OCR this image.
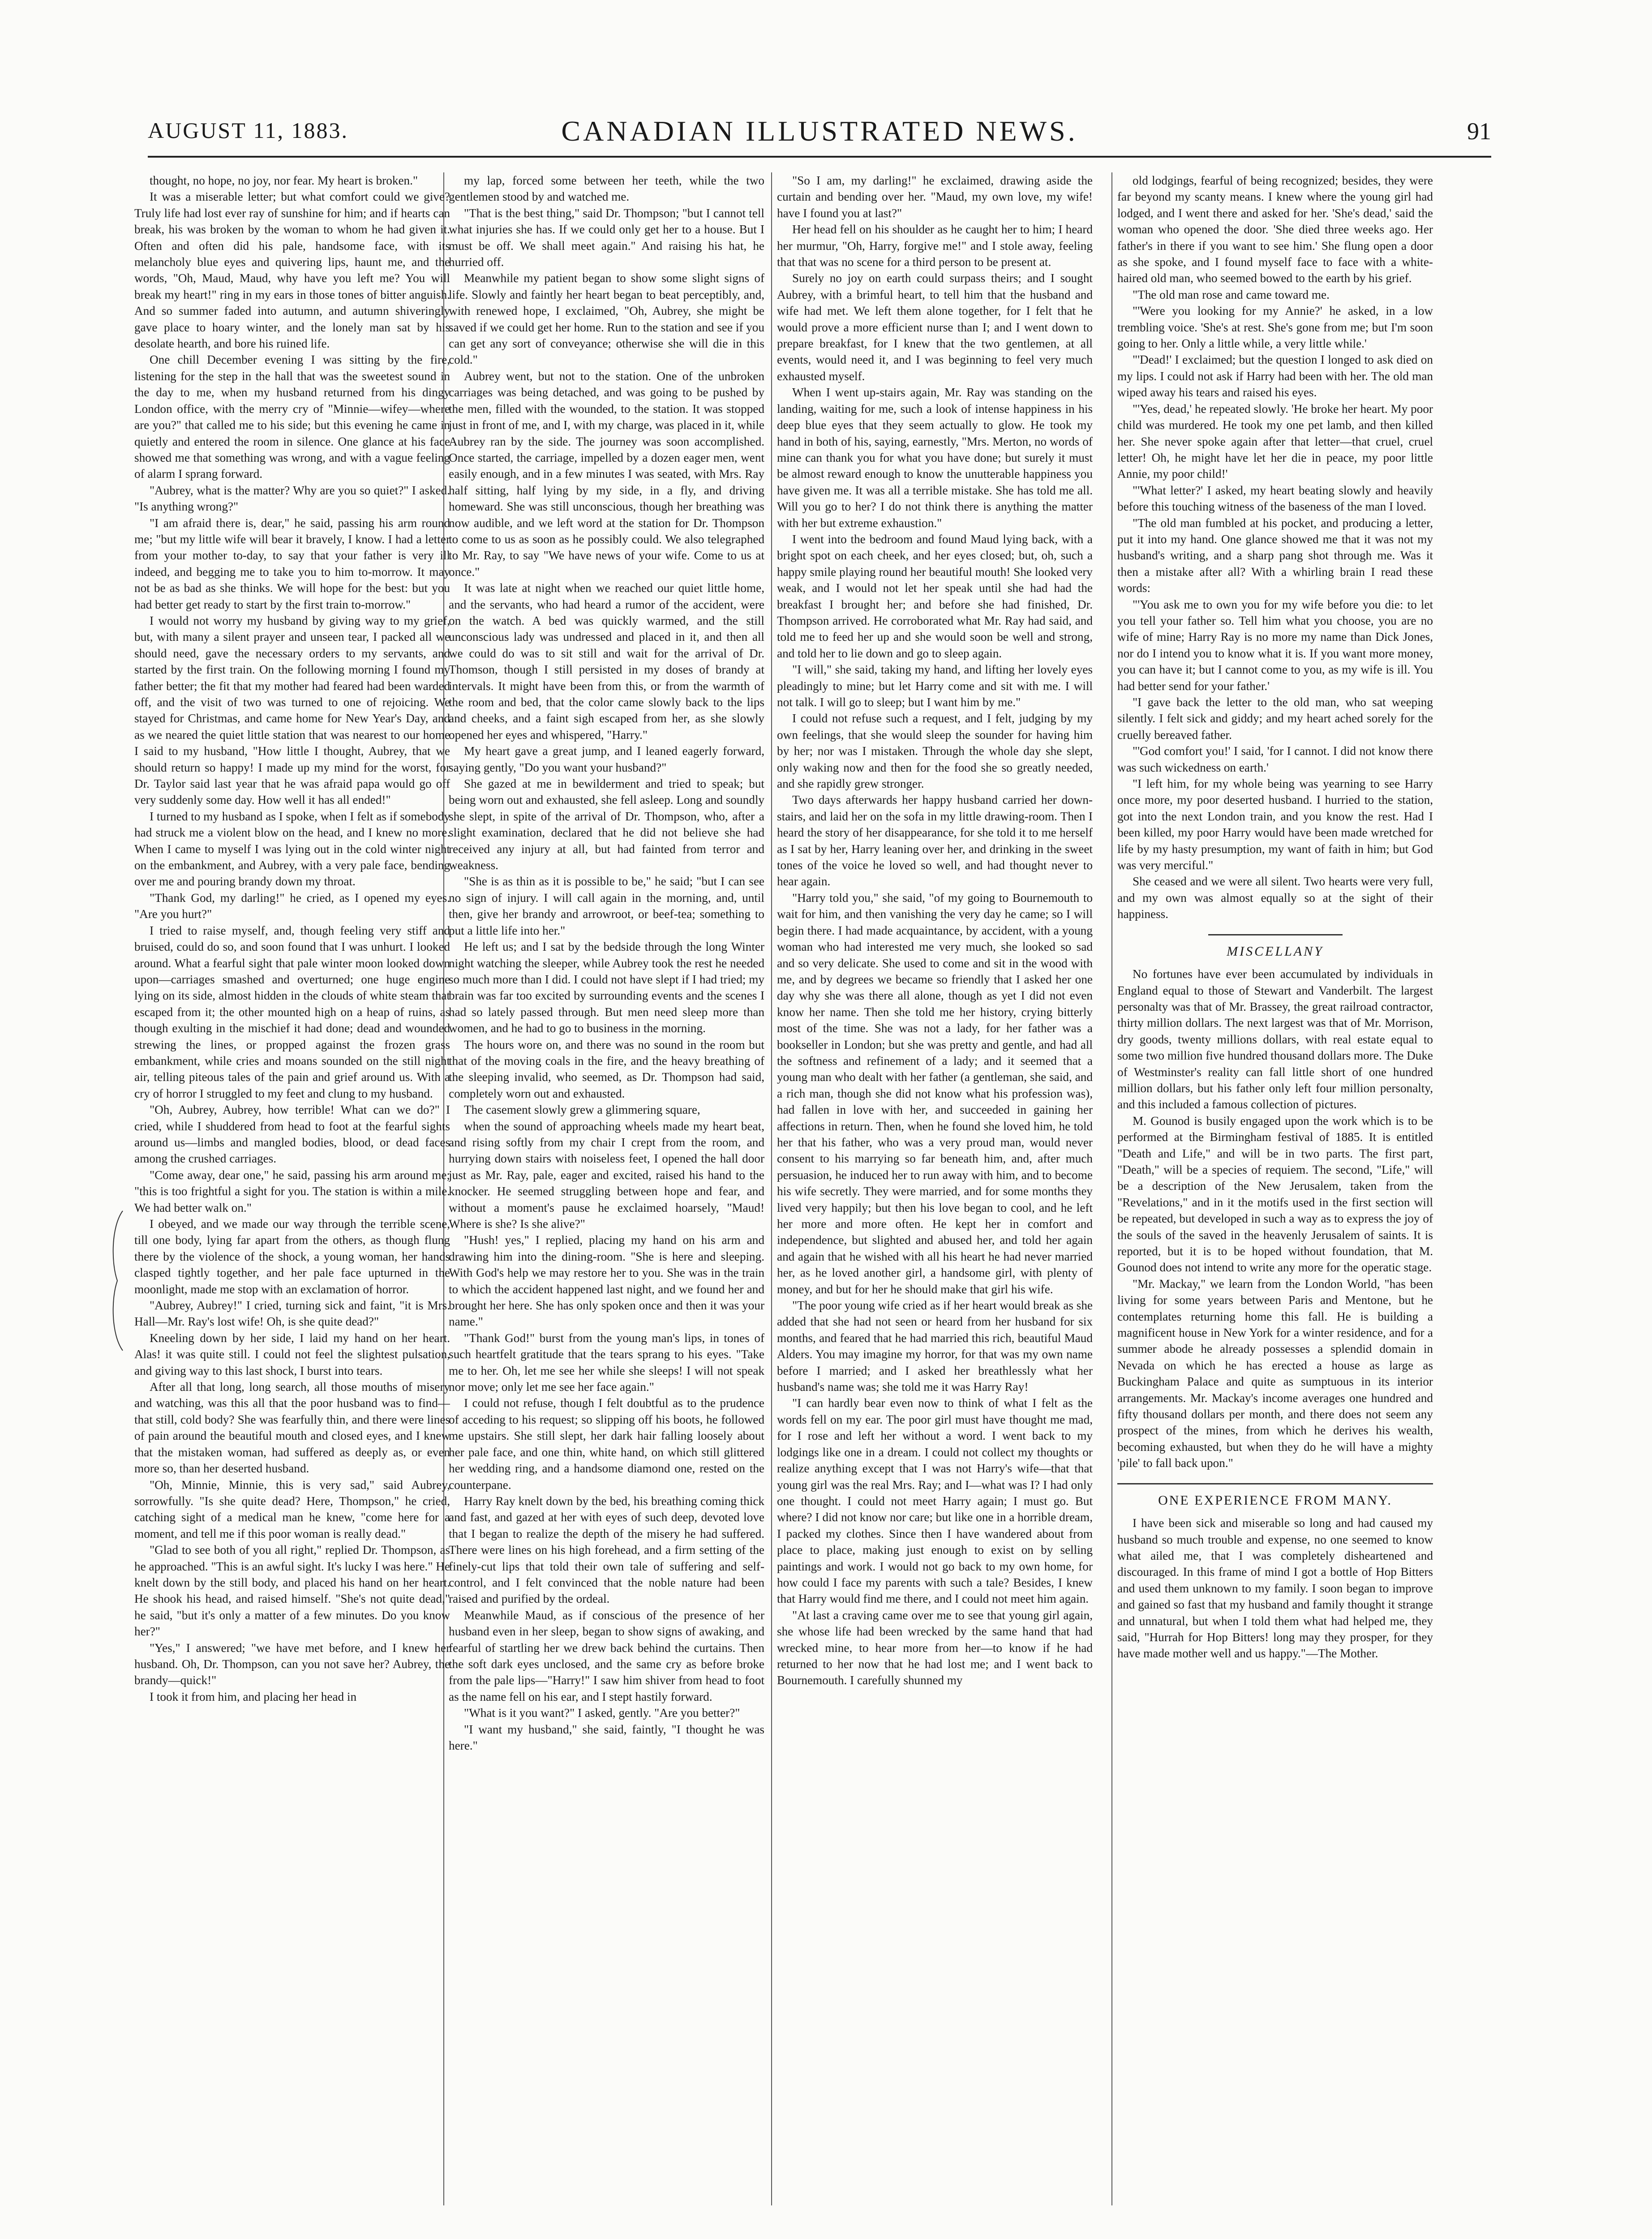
AUGUST 11, 1883.	CANADIAN ILLUSTRATED NEWS.	91

thought, no hope, no joy, nor fear. My heart is broken."

It was a miserable letter; but what comfort could we give? Truly life had lost ever ray of sunshine for him; and if hearts can break, his was broken by the woman to whom he had given it. Often and often did his pale, handsome face, with its melancholy blue eyes and quivering lips, haunt me, and the words, "Oh, Maud, Maud, why have you left me? You will break my heart!" ring in my ears in those tones of bitter anguish. And so summer faded into autumn, and autumn shiveringly gave place to hoary winter, and the lonely man sat by his desolate hearth, and bore his ruined life.

One chill December evening I was sitting by the fire, listening for the step in the hall that was the sweetest sound in the day to me, when my husband returned from his dingy London office, with the merry cry of "Minnie—wifey—where are you?" that called me to his side; but this evening he came in quietly and entered the room in silence. One glance at his face showed me that something was wrong, and with a vague feeling of alarm I sprang forward.

"Aubrey, what is the matter? Why are you so quiet?" I asked. "Is anything wrong?"

"I am afraid there is, dear," he said, passing his arm round me; "but my little wife will bear it bravely, I know. I had a letter from your mother to-day, to say that your father is very ill indeed, and begging me to take you to him to-morrow. It may not be as bad as she thinks. We will hope for the best: but you had better get ready to start by the first train to-morrow."

I would not worry my husband by giving way to my grief, but, with many a silent prayer and unseen tear, I packed all we should need, gave the necessary orders to my servants, and started by the first train. On the following morning I found my father better; the fit that my mother had feared had been warded off, and the visit of two was turned to one of rejoicing. We stayed for Christmas, and came home for New Year's Day, and as we neared the quiet little station that was nearest to our home I said to my husband, "How little I thought, Aubrey, that we should return so happy! I made up my mind for the worst, for Dr. Taylor said last year that he was afraid papa would go off very suddenly some day. How well it has all ended!"

I turned to my husband as I spoke, when I felt as if somebody had struck me a violent blow on the head, and I knew no more. When I came to myself I was lying out in the cold winter night on the embankment, and Aubrey, with a very pale face, bending over me and pouring brandy down my throat.

"Thank God, my darling!" he cried, as I opened my eyes. "Are you hurt?"

I tried to raise myself, and, though feeling very stiff and bruised, could do so, and soon found that I was unhurt. I looked around. What a fearful sight that pale winter moon looked down upon—carriages smashed and overturned; one huge engine lying on its side, almost hidden in the clouds of white steam that escaped from it; the other mounted high on a heap of ruins, as though exulting in the mischief it had done; dead and wounded strewing the lines, or propped against the frozen grass embankment, while cries and moans sounded on the still night air, telling piteous tales of the pain and grief around us. With a cry of horror I struggled to my feet and clung to my husband.

"Oh, Aubrey, Aubrey, how terrible! What can we do?" I cried, while I shuddered from head to foot at the fearful sights around us—limbs and mangled bodies, blood, or dead faces among the crushed carriages.

"Come away, dear one," he said, passing his arm around me; "this is too frightful a sight for you. The station is within a mile. We had better walk on."

I obeyed, and we made our way through the terrible scene, till one body, lying far apart from the others, as though flung there by the violence of the shock, a young woman, her hands clasped tightly together, and her pale face upturned in the moonlight, made me stop with an exclamation of horror.

"Aubrey, Aubrey!" I cried, turning sick and faint, "it is Mrs. Hall—Mr. Ray's lost wife! Oh, is she quite dead?"

Kneeling down by her side, I laid my hand on her heart. Alas! it was quite still. I could not feel the slightest pulsation, and giving way to this last shock, I burst into tears.

After all that long, long search, all those mouths of misery and watching, was this all that the poor husband was to find—that still, cold body? She was fearfully thin, and there were lines of pain around the beautiful mouth and closed eyes, and I knew that the mistaken woman, had suffered as deeply as, or even more so, than her deserted husband.

"Oh, Minnie, Minnie, this is very sad," said Aubrey, sorrowfully. "Is she quite dead? Here, Thompson," he cried, catching sight of a medical man he knew, "come here for a moment, and tell me if this poor woman is really dead."

"Glad to see both of you all right," replied Dr. Thompson, as he approached. "This is an awful sight. It's lucky I was here." He knelt down by the still body, and placed his hand on her heart. He shook his head, and raised himself. "She's not quite dead," he said, "but it's only a matter of a few minutes. Do you know her?"

"Yes," I answered; "we have met before, and I knew her husband. Oh, Dr. Thompson, can you not save her? Aubrey, the brandy—quick!"

I took it from him, and placing her head in

my lap, forced some between her teeth, while the two gentlemen stood by and watched me.

"That is the best thing," said Dr. Thompson; "but I cannot tell what injuries she has. If we could only get her to a house. But I must be off. We shall meet again." And raising his hat, he hurried off.

Meanwhile my patient began to show some slight signs of life. Slowly and faintly her heart began to beat perceptibly, and, with renewed hope, I exclaimed, "Oh, Aubrey, she might be saved if we could get her home. Run to the station and see if you can get any sort of conveyance; otherwise she will die in this cold."

Aubrey went, but not to the station. One of the unbroken carriages was being detached, and was going to be pushed by the men, filled with the wounded, to the station. It was stopped just in front of me, and I, with my charge, was placed in it, while Aubrey ran by the side. The journey was soon accomplished. Once started, the carriage, impelled by a dozen eager men, went easily enough, and in a few minutes I was seated, with Mrs. Ray half sitting, half lying by my side, in a fly, and driving homeward. She was still unconscious, though her breathing was now audible, and we left word at the station for Dr. Thompson to come to us as soon as he possibly could. We also telegraphed to Mr. Ray, to say "We have news of your wife. Come to us at once."

It was late at night when we reached our quiet little home, and the servants, who had heard a rumor of the accident, were on the watch. A bed was quickly warmed, and the still unconscious lady was undressed and placed in it, and then all we could do was to sit still and wait for the arrival of Dr. Thomson, though I still persisted in my doses of brandy at intervals. It might have been from this, or from the warmth of the room and bed, that the color came slowly back to the lips and cheeks, and a faint sigh escaped from her, as she slowly opened her eyes and whispered, "Harry."

My heart gave a great jump, and I leaned eagerly forward, saying gently, "Do you want your husband?"

She gazed at me in bewilderment and tried to speak; but being worn out and exhausted, she fell asleep. Long and soundly she slept, in spite of the arrival of Dr. Thompson, who, after a slight examination, declared that he did not believe she had received any injury at all, but had fainted from terror and weakness.

"She is as thin as it is possible to be," he said; "but I can see no sign of injury. I will call again in the morning, and, until then, give her brandy and arrowroot, or beef-tea; something to put a little life into her."

He left us; and I sat by the bedside through the long Winter night watching the sleeper, while Aubrey took the rest he needed so much more than I did. I could not have slept if I had tried; my brain was far too excited by surrounding events and the scenes I had so lately passed through. But men need sleep more than women, and he had to go to business in the morning.

The hours wore on, and there was no sound in the room but that of the moving coals in the fire, and the heavy breathing of the sleeping invalid, who seemed, as Dr. Thompson had said, completely worn out and exhausted.

The casement slowly grew a glimmering square,

when the sound of approaching wheels made my heart beat, and rising softly from my chair I crept from the room, and hurrying down stairs with noiseless feet, I opened the hall door just as Mr. Ray, pale, eager and excited, raised his hand to the knocker. He seemed struggling between hope and fear, and without a moment's pause he exclaimed hoarsely, "Maud! Where is she? Is she alive?"

"Hush! yes," I replied, placing my hand on his arm and drawing him into the dining-room. "She is here and sleeping. With God's help we may restore her to you. She was in the train to which the accident happened last night, and we found her and brought her here. She has only spoken once and then it was your name."

"Thank God!" burst from the young man's lips, in tones of such heartfelt gratitude that the tears sprang to his eyes. "Take me to her. Oh, let me see her while she sleeps! I will not speak nor move; only let me see her face again."

I could not refuse, though I felt doubtful as to the prudence of acceding to his request; so slipping off his boots, he followed me upstairs. She still slept, her dark hair falling loosely about her pale face, and one thin, white hand, on which still glittered her wedding ring, and a handsome diamond one, rested on the counterpane.

Harry Ray knelt down by the bed, his breathing coming thick and fast, and gazed at her with eyes of such deep, devoted love that I began to realize the depth of the misery he had suffered. There were lines on his high forehead, and a firm setting of the finely-cut lips that told their own tale of suffering and self-control, and I felt convinced that the noble nature had been raised and purified by the ordeal.

Meanwhile Maud, as if conscious of the presence of her husband even in her sleep, began to show signs of awaking, and fearful of startling her we drew back behind the curtains. Then the soft dark eyes unclosed, and the same cry as before broke from the pale lips—"Harry!" I saw him shiver from head to foot as the name fell on his ear, and I stept hastily forward.

"What is it you want?" I asked, gently. "Are you better?"

"I want my husband," she said, faintly, "I thought he was here."

"So I am, my darling!" he exclaimed, drawing aside the curtain and bending over her. "Maud, my own love, my wife! have I found you at last?"

Her head fell on his shoulder as he caught her to him; I heard her murmur, "Oh, Harry, forgive me!" and I stole away, feeling that that was no scene for a third person to be present at.

Surely no joy on earth could surpass theirs; and I sought Aubrey, with a brimful heart, to tell him that the husband and wife had met. We left them alone together, for I felt that he would prove a more efficient nurse than I; and I went down to prepare breakfast, for I knew that the two gentlemen, at all events, would need it, and I was beginning to feel very much exhausted myself.

When I went up-stairs again, Mr. Ray was standing on the landing, waiting for me, such a look of intense happiness in his deep blue eyes that they seem actually to glow. He took my hand in both of his, saying, earnestly, "Mrs. Merton, no words of mine can thank you for what you have done; but surely it must be almost reward enough to know the unutterable happiness you have given me. It was all a terrible mistake. She has told me all. Will you go to her? I do not think there is anything the matter with her but extreme exhaustion."

I went into the bedroom and found Maud lying back, with a bright spot on each cheek, and her eyes closed; but, oh, such a happy smile playing round her beautiful mouth! She looked very weak, and I would not let her speak until she had had the breakfast I brought her; and before she had finished, Dr. Thompson arrived. He corroborated what Mr. Ray had said, and told me to feed her up and she would soon be well and strong, and told her to lie down and go to sleep again.

"I will," she said, taking my hand, and lifting her lovely eyes pleadingly to mine; but let Harry come and sit with me. I will not talk. I will go to sleep; but I want him by me."

I could not refuse such a request, and I felt, judging by my own feelings, that she would sleep the sounder for having him by her; nor was I mistaken. Through the whole day she slept, only waking now and then for the food she so greatly needed, and she rapidly grew stronger.

Two days afterwards her happy husband carried her down-stairs, and laid her on the sofa in my little drawing-room. Then I heard the story of her disappearance, for she told it to me herself as I sat by her, Harry leaning over her, and drinking in the sweet tones of the voice he loved so well, and had thought never to hear again.

"Harry told you," she said, "of my going to Bournemouth to wait for him, and then vanishing the very day he came; so I will begin there. I had made acquaintance, by accident, with a young woman who had interested me very much, she looked so sad and so very delicate. She used to come and sit in the wood with me, and by degrees we became so friendly that I asked her one day why she was there all alone, though as yet I did not even know her name. Then she told me her history, crying bitterly most of the time. She was not a lady, for her father was a bookseller in London; but she was pretty and gentle, and had all the softness and refinement of a lady; and it seemed that a young man who dealt with her father (a gentleman, she said, and a rich man, though she did not know what his profession was), had fallen in love with her, and succeeded in gaining her affections in return. Then, when he found she loved him, he told her that his father, who was a very proud man, would never consent to his marrying so far beneath him, and, after much persuasion, he induced her to run away with him, and to become his wife secretly. They were married, and for some months they lived very happily; but then his love began to cool, and he left her more and more often. He kept her in comfort and independence, but slighted and abused her, and told her again and again that he wished with all his heart he had never married her, as he loved another girl, a handsome girl, with plenty of money, and but for her he should make that girl his wife.

"The poor young wife cried as if her heart would break as she added that she had not seen or heard from her husband for six months, and feared that he had married this rich, beautiful Maud Alders. You may imagine my horror, for that was my own name before I married; and I asked her breathlessly what her husband's name was; she told me it was Harry Ray!

"I can hardly bear even now to think of what I felt as the words fell on my ear. The poor girl must have thought me mad, for I rose and left her without a word. I went back to my lodgings like one in a dream. I could not collect my thoughts or realize anything except that I was not Harry's wife—that that young girl was the real Mrs. Ray; and I—what was I? I had only one thought. I could not meet Harry again; I must go. But where? I did not know nor care; but like one in a horrible dream, I packed my clothes. Since then I have wandered about from place to place, making just enough to exist on by selling paintings and work. I would not go back to my own home, for how could I face my parents with such a tale? Besides, I knew that Harry would find me there, and I could not meet him again.

"At last a craving came over me to see that young girl again, she whose life had been wrecked by the same hand that had wrecked mine, to hear more from her—to know if he had returned to her now that he had lost me; and I went back to Bournemouth. I carefully shunned my

old lodgings, fearful of being recognized; besides, they were far beyond my scanty means. I knew where the young girl had lodged, and I went there and asked for her. 'She's dead,' said the woman who opened the door. 'She died three weeks ago. Her father's in there if you want to see him.' She flung open a door as she spoke, and I found myself face to face with a white-haired old man, who seemed bowed to the earth by his grief.

"The old man rose and came toward me.

"'Were you looking for my Annie?' he asked, in a low trembling voice. 'She's at rest. She's gone from me; but I'm soon going to her. Only a little while, a very little while.'

"'Dead!' I exclaimed; but the question I longed to ask died on my lips. I could not ask if Harry had been with her. The old man wiped away his tears and raised his eyes.

"'Yes, dead,' he repeated slowly. 'He broke her heart. My poor child was murdered. He took my one pet lamb, and then killed her. She never spoke again after that letter—that cruel, cruel letter! Oh, he might have let her die in peace, my poor little Annie, my poor child!'

"'What letter?' I asked, my heart beating slowly and heavily before this touching witness of the baseness of the man I loved.

"The old man fumbled at his pocket, and producing a letter, put it into my hand. One glance showed me that it was not my husband's writing, and a sharp pang shot through me. Was it then a mistake after all? With a whirling brain I read these words:

"'You ask me to own you for my wife before you die: to let you tell your father so. Tell him what you choose, you are no wife of mine; Harry Ray is no more my name than Dick Jones, nor do I intend you to know what it is. If you want more money, you can have it; but I cannot come to you, as my wife is ill. You had better send for your father.'

"I gave back the letter to the old man, who sat weeping silently. I felt sick and giddy; and my heart ached sorely for the cruelly bereaved father.

"'God comfort you!' I said, 'for I cannot. I did not know there was such wickedness on earth.'

"I left him, for my whole being was yearning to see Harry once more, my poor deserted husband. I hurried to the station, got into the next London train, and you know the rest. Had I been killed, my poor Harry would have been made wretched for life by my hasty presumption, my want of faith in him; but God was very merciful."

She ceased and we were all silent. Two hearts were very full, and my own was almost equally so at the sight of their happiness.

MISCELLANY

No fortunes have ever been accumulated by individuals in England equal to those of Stewart and Vanderbilt. The largest personalty was that of Mr. Brassey, the great railroad contractor, thirty million dollars. The next largest was that of Mr. Morrison, dry goods, twenty millions dollars, with real estate equal to some two million five hundred thousand dollars more. The Duke of Westminster's reality can fall little short of one hundred million dollars, but his father only left four million personalty, and this included a famous collection of pictures.

M. Gounod is busily engaged upon the work which is to be performed at the Birmingham festival of 1885. It is entitled "Death and Life," and will be in two parts. The first part, "Death," will be a species of requiem. The second, "Life," will be a description of the New Jerusalem, taken from the "Revelations," and in it the motifs used in the first section will be repeated, but developed in such a way as to express the joy of the souls of the saved in the heavenly Jerusalem of saints. It is reported, but it is to be hoped without foundation, that M. Gounod does not intend to write any more for the operatic stage.

"Mr. Mackay," we learn from the London World, "has been living for some years between Paris and Mentone, but he contemplates returning home this fall. He is building a magnificent house in New York for a winter residence, and for a summer abode he already possesses a splendid domain in Nevada on which he has erected a house as large as Buckingham Palace and quite as sumptuous in its interior arrangements. Mr. Mackay's income averages one hundred and fifty thousand dollars per month, and there does not seem any prospect of the mines, from which he derives his wealth, becoming exhausted, but when they do he will have a mighty 'pile' to fall back upon."

ONE EXPERIENCE FROM MANY.

I have been sick and miserable so long and had caused my husband so much trouble and expense, no one seemed to know what ailed me, that I was completely disheartened and discouraged. In this frame of mind I got a bottle of Hop Bitters and used them unknown to my family. I soon began to improve and gained so fast that my husband and family thought it strange and unnatural, but when I told them what had helped me, they said, "Hurrah for Hop Bitters! long may they prosper, for they have made mother well and us happy."—The Mother.
